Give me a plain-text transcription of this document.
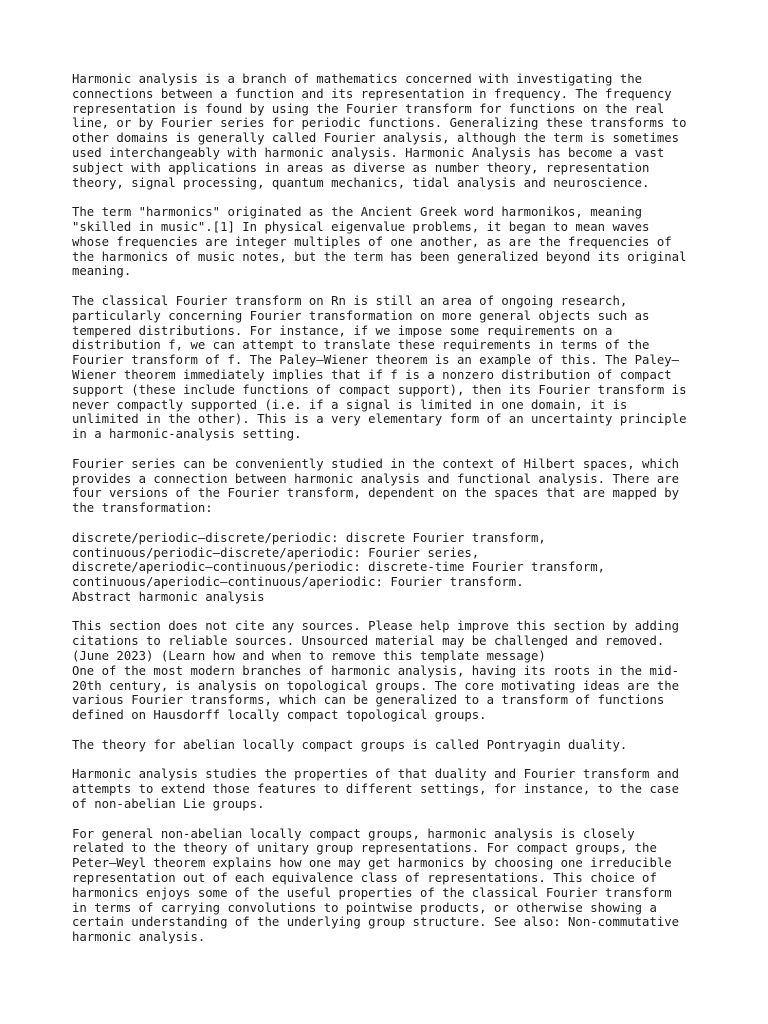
Harmonic analysis is a branch of mathematics concerned with investigating the
connections between a function and its representation in frequency. The frequency
representation is found by using the Fourier transform for functions on the real
line, or by Fourier series for periodic functions. Generalizing these transforms to
other domains is generally called Fourier analysis, although the term is sometimes
used interchangeably with harmonic analysis. Harmonic Analysis has become a vast
subject with applications in areas as diverse as number theory, representation
theory, signal processing, quantum mechanics, tidal analysis and neuroscience.

The term "harmonics" originated as the Ancient Greek word harmonikos, meaning
"skilled in music".[1] In physical eigenvalue problems, it began to mean waves
whose frequencies are integer multiples of one another, as are the frequencies of
the harmonics of music notes, but the term has been generalized beyond its original
meaning.

The classical Fourier transform on Rn is still an area of ongoing research,
particularly concerning Fourier transformation on more general objects such as
tempered distributions. For instance, if we impose some requirements on a
distribution f, we can attempt to translate these requirements in terms of the
Fourier transform of f. The Paley–Wiener theorem is an example of this. The Paley–
Wiener theorem immediately implies that if f is a nonzero distribution of compact
support (these include functions of compact support), then its Fourier transform is
never compactly supported (i.e. if a signal is limited in one domain, it is
unlimited in the other). This is a very elementary form of an uncertainty principle
in a harmonic-analysis setting.

Fourier series can be conveniently studied in the context of Hilbert spaces, which
provides a connection between harmonic analysis and functional analysis. There are
four versions of the Fourier transform, dependent on the spaces that are mapped by
the transformation:

discrete/periodic–discrete/periodic: discrete Fourier transform,
continuous/periodic–discrete/aperiodic: Fourier series,
discrete/aperiodic–continuous/periodic: discrete-time Fourier transform,
continuous/aperiodic–continuous/aperiodic: Fourier transform.
Abstract harmonic analysis
This section does not cite any sources. Please help improve this section by adding
citations to reliable sources. Unsourced material may be challenged and removed.
(June 2023) (Learn how and when to remove this template message)
One of the most modern branches of harmonic analysis, having its roots in the mid-
20th century, is analysis on topological groups. The core motivating ideas are the
various Fourier transforms, which can be generalized to a transform of functions
defined on Hausdorff locally compact topological groups.

The theory for abelian locally compact groups is called Pontryagin duality.

Harmonic analysis studies the properties of that duality and Fourier transform and
attempts to extend those features to different settings, for instance, to the case
of non-abelian Lie groups.

For general non-abelian locally compact groups, harmonic analysis is closely
related to the theory of unitary group representations. For compact groups, the
Peter–Weyl theorem explains how one may get harmonics by choosing one irreducible
representation out of each equivalence class of representations. This choice of
harmonics enjoys some of the useful properties of the classical Fourier transform
in terms of carrying convolutions to pointwise products, or otherwise showing a
certain understanding of the underlying group structure. See also: Non-commutative
harmonic analysis.
